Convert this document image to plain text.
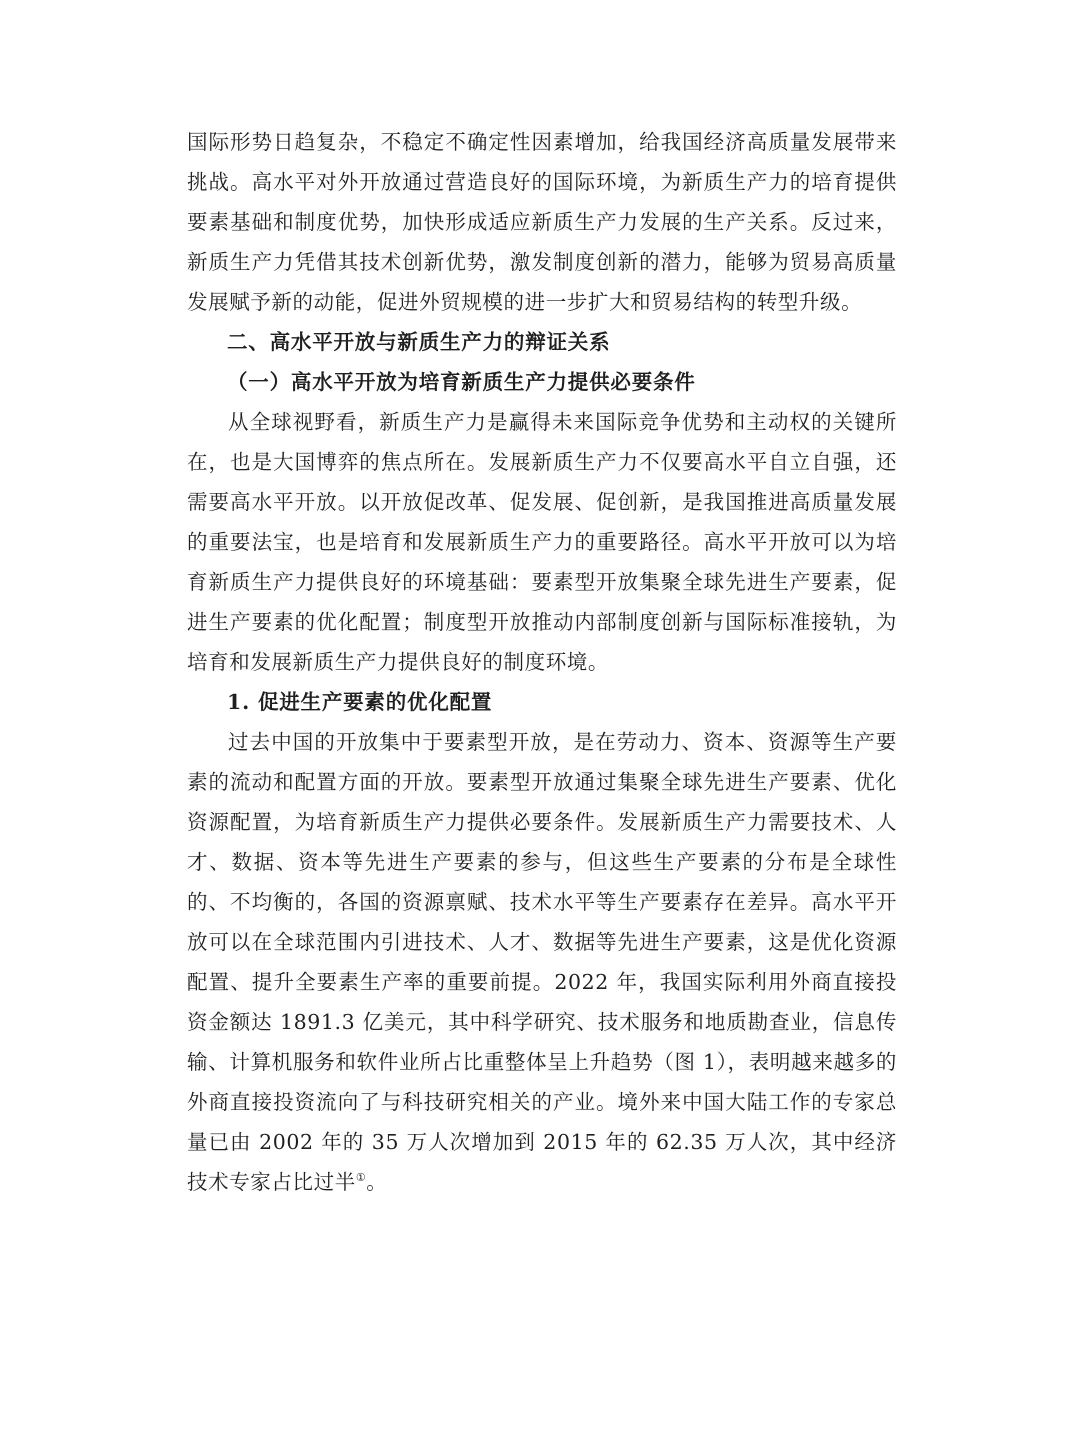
国际形势日趋复杂，不稳定不确定性因素增加，给我国经济高质量发展带来挑战。高水平对外开放通过营造良好的国际环境，为新质生产力的培育提供要素基础和制度优势，加快形成适应新质生产力发展的生产关系。反过来，新质生产力凭借其技术创新优势，激发制度创新的潜力，能够为贸易高质量发展赋予新的动能，促进外贸规模的进一步扩大和贸易结构的转型升级。

二、高水平开放与新质生产力的辩证关系

（一）高水平开放为培育新质生产力提供必要条件

从全球视野看，新质生产力是赢得未来国际竞争优势和主动权的关键所在，也是大国博弈的焦点所在。发展新质生产力不仅要高水平自立自强，还需要高水平开放。以开放促改革、促发展、促创新，是我国推进高质量发展的重要法宝，也是培育和发展新质生产力的重要路径。高水平开放可以为培育新质生产力提供良好的环境基础：要素型开放集聚全球先进生产要素，促进生产要素的优化配置；制度型开放推动内部制度创新与国际标准接轨，为培育和发展新质生产力提供良好的制度环境。

1. 促进生产要素的优化配置

过去中国的开放集中于要素型开放，是在劳动力、资本、资源等生产要素的流动和配置方面的开放。要素型开放通过集聚全球先进生产要素、优化资源配置，为培育新质生产力提供必要条件。发展新质生产力需要技术、人才、数据、资本等先进生产要素的参与，但这些生产要素的分布是全球性的、不均衡的，各国的资源禀赋、技术水平等生产要素存在差异。高水平开放可以在全球范围内引进技术、人才、数据等先进生产要素，这是优化资源配置、提升全要素生产率的重要前提。2022 年，我国实际利用外商直接投资金额达 1891.3 亿美元，其中科学研究、技术服务和地质勘查业，信息传输、计算机服务和软件业所占比重整体呈上升趋势（图 1），表明越来越多的外商直接投资流向了与科技研究相关的产业。境外来中国大陆工作的专家总量已由 2002 年的 35 万人次增加到 2015 年的 62.35 万人次，其中经济技术专家占比过半①。
